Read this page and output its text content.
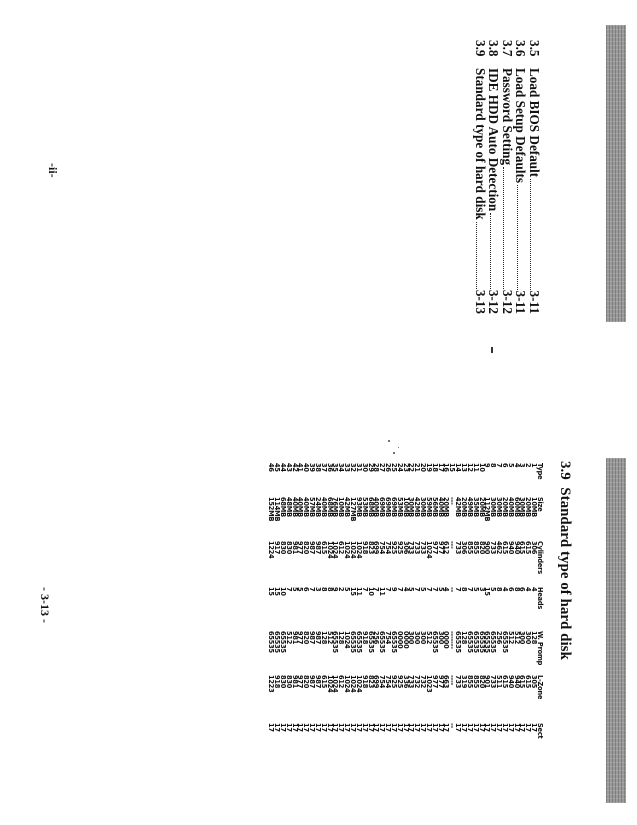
3.5
Load BIOS Default
3-11
3.6
Load Setup Defaults
3-11
3.7
Password Setting
3-12
3.8
IDE HDD Auto Detection
3-12
3.9
Standard type of hard disk
3-13
-ii-
3.9  Standard type of hard disk
Type
Size
Cylinders
Heads
W. Promp
L-Zone
Sect
1
10MB
306
4
128
305
17
2
20MB
615
4
300
615
17
3
30MB
615
6
300
615
17
4
60MB
940
8
512
940
17
5
40MB
940
6
512
940
17
6
20MB
615
4
65535
615
17
7
30MB
462
8
256
511
17
8
30MB
733
5
65535
733
17
9
112MB
900
15
65535
901
17
10
20MB
820
3
65535
820
17
11
35MB
855
5
65535
855
17
12
49MB
855
7
65535
855
17
13
20MB
306
8
128
319
17
14
42MB
733
7
65535
733
17
15
---
---
--
-------
----
--
16
20MB
612
4
0000
663
17
17
40MB
977
5
300
977
17
18
56MB
977
7
65535
977
17
19
59MB
1024
7
512
1023
17
20
30MB
733
5
300
732
17
21
42MB
733
7
300
732
17
22
30MB
733
5
300
733
17
23
10MB
306
4
0000
336
17
24
53MB
925
7
0000
925
17
25
69MB
925
9
65535
925
17
26
69MB
754
7
754
754
17
27
69MB
754
11
65535
754
17
28
40MB
699
7
256
699
17
29
68MB
823
10
65535
823
17
30
53MB
918
7
918
918
17
31
93MB
1024
11
65535
1024
17
32
127MB
1024
15
65535
1024
17
33
42MB
1024
5
1024
1024
17
34
10MB
612
2
128
612
17
35
76MB
1024
9
65535
1024
17
36
68MB
1024
8
512
1024
17
37
40MB
615
8
128
615
17
38
24MB
987
3
987
987
17
39
57MB
987
7
987
987
17
40
40MB
820
6
820
820
17
41
40MB
977
5
977
977
17
42
40MB
981
5
981
981
17
43
48MB
830
7
512
830
17
44
68MB
830
10
65535
830
17
45
114MB
917
15
65535
918
17
46
152MB
1224
15
65535
1223
17
- 3-13 -
